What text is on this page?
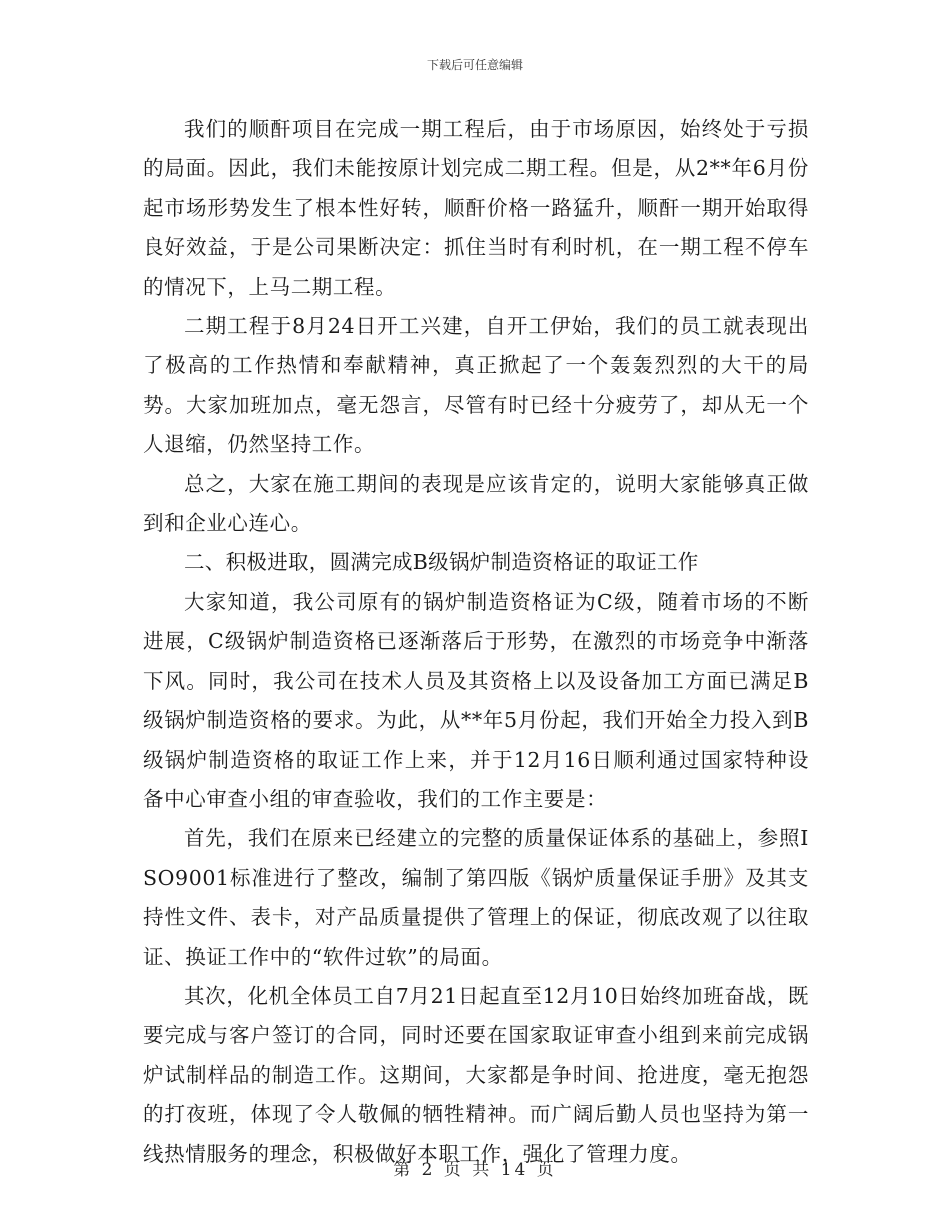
下载后可任意编辑

我们的顺酐项目在完成一期工程后，由于市场原因，始终处于亏损的局面。因此，我们未能按原计划完成二期工程。但是，从2**年6月份起市场形势发生了根本性好转，顺酐价格一路猛升，顺酐一期开始取得良好效益，于是公司果断决定：抓住当时有利时机，在一期工程不停车的情况下，上马二期工程。

二期工程于8月24日开工兴建，自开工伊始，我们的员工就表现出了极高的工作热情和奉献精神，真正掀起了一个轰轰烈烈的大干的局势。大家加班加点，毫无怨言，尽管有时已经十分疲劳了，却从无一个人退缩，仍然坚持工作。

总之，大家在施工期间的表现是应该肯定的，说明大家能够真正做到和企业心连心。

二、积极进取，圆满完成B级锅炉制造资格证的取证工作

大家知道，我公司原有的锅炉制造资格证为C级，随着市场的不断进展，C级锅炉制造资格已逐渐落后于形势，在激烈的市场竞争中渐落下风。同时，我公司在技术人员及其资格上以及设备加工方面已满足B级锅炉制造资格的要求。为此，从**年5月份起，我们开始全力投入到B级锅炉制造资格的取证工作上来，并于12月16日顺利通过国家特种设备中心审查小组的审查验收，我们的工作主要是：

首先，我们在原来已经建立的完整的质量保证体系的基础上，参照ISO9001标准进行了整改，编制了第四版《锅炉质量保证手册》及其支持性文件、表卡，对产品质量提供了管理上的保证，彻底改观了以往取证、换证工作中的“软件过软”的局面。

其次，化机全体员工自7月21日起直至12月10日始终加班奋战，既要完成与客户签订的合同，同时还要在国家取证审查小组到来前完成锅炉试制样品的制造工作。这期间，大家都是争时间、抢进度，毫无抱怨的打夜班，体现了令人敬佩的牺牲精神。而广阔后勤人员也坚持为第一线热情服务的理念，积极做好本职工作，强化了管理力度。

第 2 页 共 14 页
